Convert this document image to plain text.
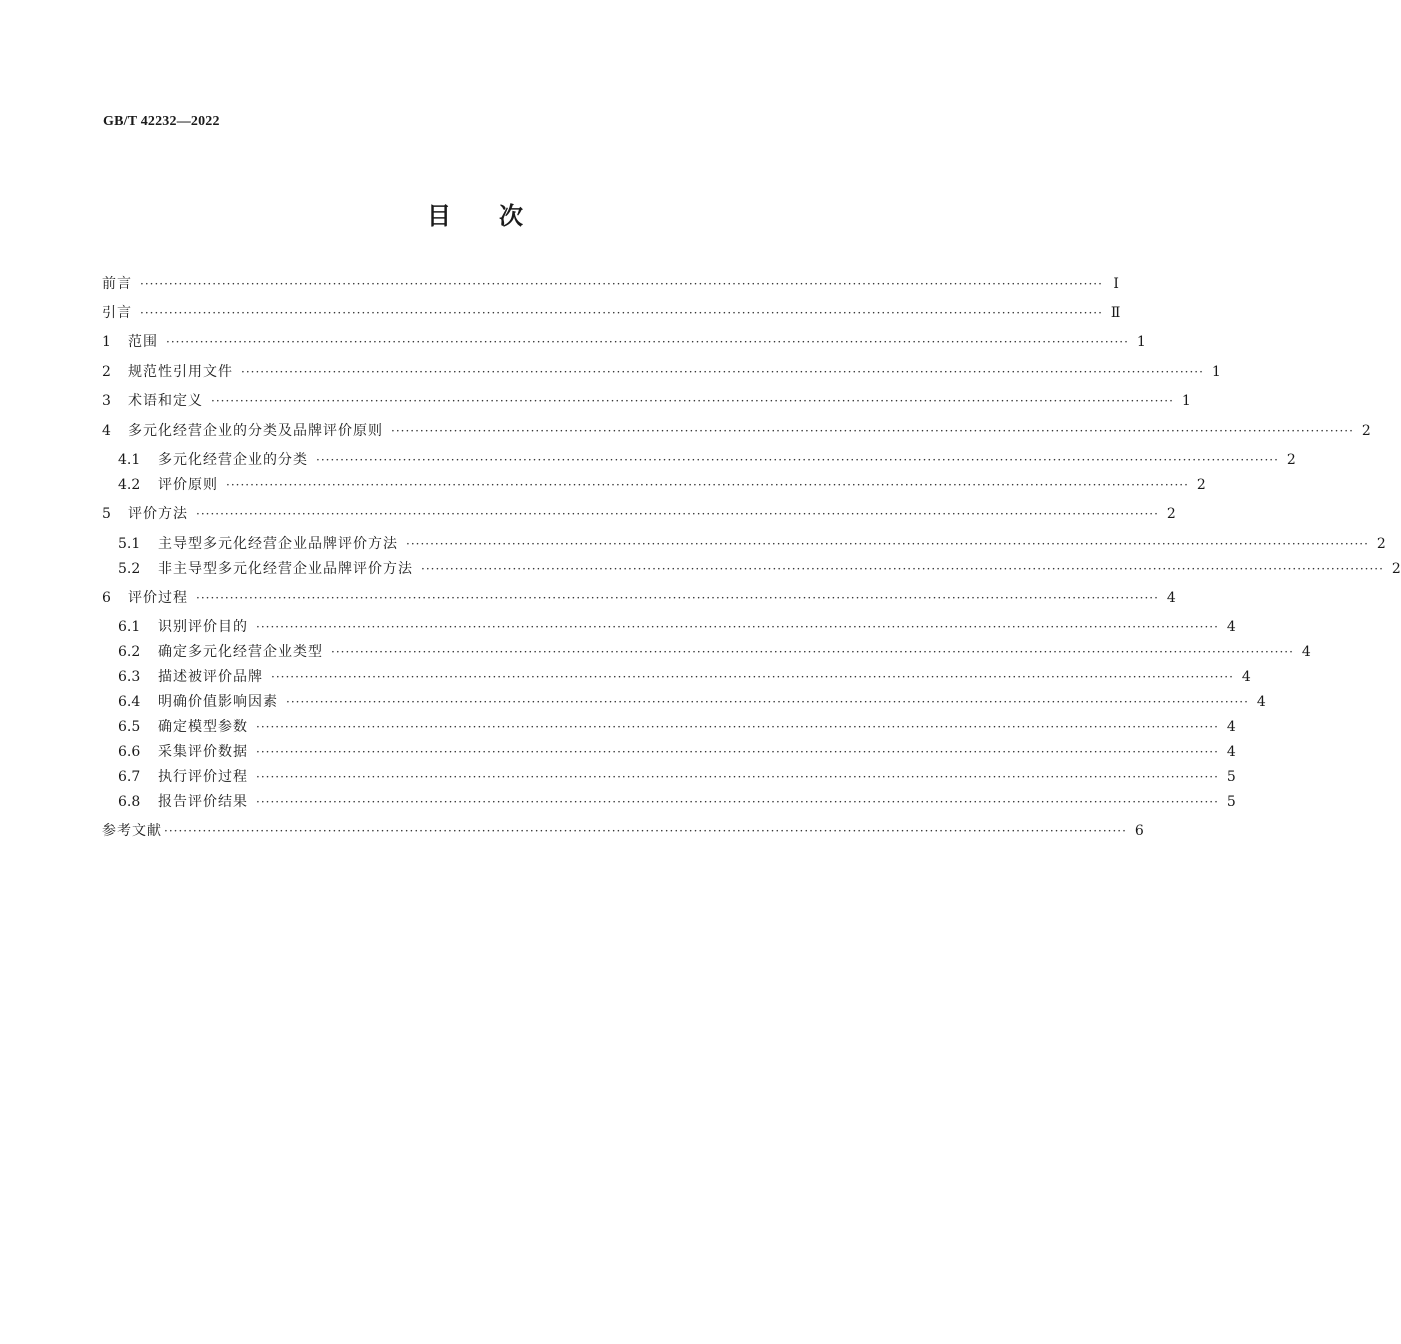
GB/T 42232—2022
目　　次
前言 ········································································································································································································ Ⅰ
引言 ········································································································································································································ Ⅱ
1	范围 ········································································································································································································ 1
2	规范性引用文件 ········································································································································································································ 1
3	术语和定义 ········································································································································································································ 1
4	多元化经营企业的分类及品牌评价原则 ········································································································································································································ 2
4.1	多元化经营企业的分类 ········································································································································································································ 2
4.2	评价原则 ········································································································································································································ 2
5	评价方法 ········································································································································································································ 2
5.1	主导型多元化经营企业品牌评价方法 ········································································································································································································ 2
5.2	非主导型多元化经营企业品牌评价方法 ········································································································································································································ 2
6	评价过程 ········································································································································································································ 4
6.1	识别评价目的 ········································································································································································································ 4
6.2	确定多元化经营企业类型 ········································································································································································································ 4
6.3	描述被评价品牌 ········································································································································································································ 4
6.4	明确价值影响因素 ········································································································································································································ 4
6.5	确定模型参数 ········································································································································································································ 4
6.6	采集评价数据 ········································································································································································································ 4
6.7	执行评价过程 ········································································································································································································ 5
6.8	报告评价结果 ········································································································································································································ 5
参考文献 ········································································································································································································ 6
